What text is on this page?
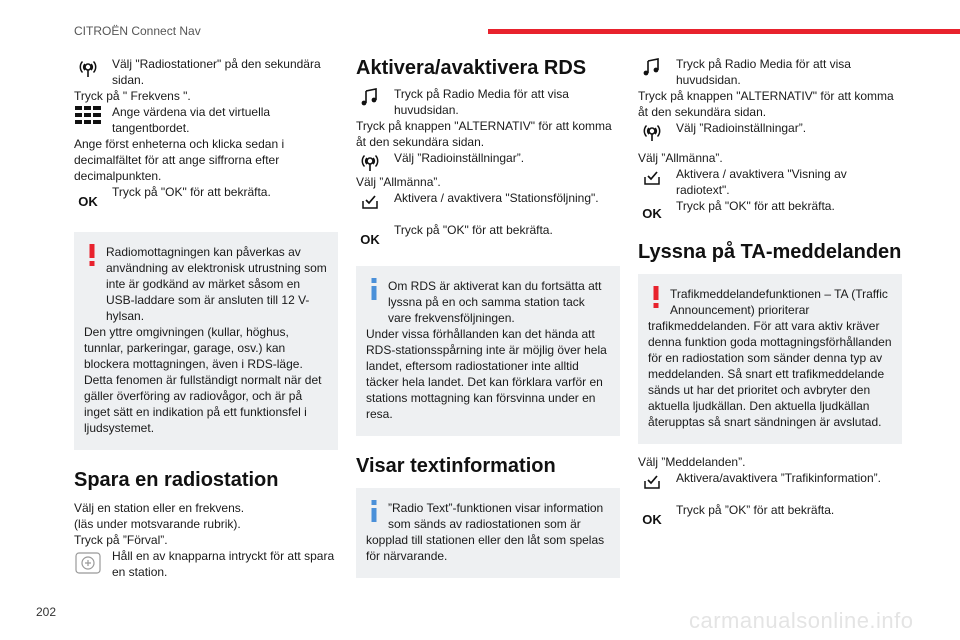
CITROËN Connect Nav

Välj "Radiostationer" på den sekundära sidan.

Tryck på " Frekvens ".

Ange värdena via det virtuella tangentbordet.

Ange först enheterna och klicka sedan i decimalfältet för att ange siffrorna efter decimalpunkten.

OK

Tryck på "OK" för att bekräfta.

Radiomottagningen kan påverkas av användning av elektronisk utrustning som inte är godkänd av märket såsom en USB-laddare som är ansluten till 12 V-hylsan.

Den yttre omgivningen (kullar, höghus, tunnlar, parkeringar, garage, osv.) kan blockera mottagningen, även i RDS-läge. Detta fenomen är fullständigt normalt när det gäller överföring av radiovågor, och är på inget sätt en indikation på ett funktionsfel i ljudsystemet.

Spara en radiostation

Välj en station eller en frekvens.

(läs under motsvarande rubrik).

Tryck på ”Förval”.

Håll en av knapparna intryckt för att spara en station.

Aktivera/avaktivera RDS

Tryck på Radio Media för att visa huvudsidan.

Tryck på knappen "ALTERNATIV" för att komma åt den sekundära sidan.

Välj ”Radioinställningar”.

Välj ”Allmänna”.

Aktivera / avaktivera "Stationsföljning".

OK

Tryck på "OK" för att bekräfta.

Om RDS är aktiverat kan du fortsätta att lyssna på en och samma station tack vare frekvensföljningen.

Under vissa förhållanden kan det hända att RDS-stationsspårning inte är möjlig över hela landet, eftersom radiostationer inte alltid täcker hela landet. Det kan förklara varför en stations mottagning kan försvinna under en resa.

Visar textinformation

”Radio Text”-funktionen visar information som sänds av radiostationen som är

kopplad till stationen eller den låt som spelas för närvarande.

Tryck på Radio Media för att visa huvudsidan.

Tryck på knappen "ALTERNATIV" för att komma åt den sekundära sidan.

Välj ”Radioinställningar”.

Välj ”Allmänna”.

Aktivera / avaktivera "Visning av radiotext".

OK	Tryck på "OK" för att bekräfta.

Lyssna på TA-meddelanden

Trafikmeddelandefunktionen – TA (Traffic Announcement) prioriterar

trafikmeddelanden. För att vara aktiv kräver denna funktion goda mottagningsförhållanden för en radiostation som sänder denna typ av meddelanden. Så snart ett trafikmeddelande sänds ut har det prioritet och avbryter den aktuella ljudkällan. Den aktuella ljudkällan återupptas så snart sändningen är avslutad.

Välj ”Meddelanden”.

Aktivera/avaktivera ”Trafikinformation”.

OK

Tryck på ”OK” för att bekräfta.

202	carmanualsonline.info
